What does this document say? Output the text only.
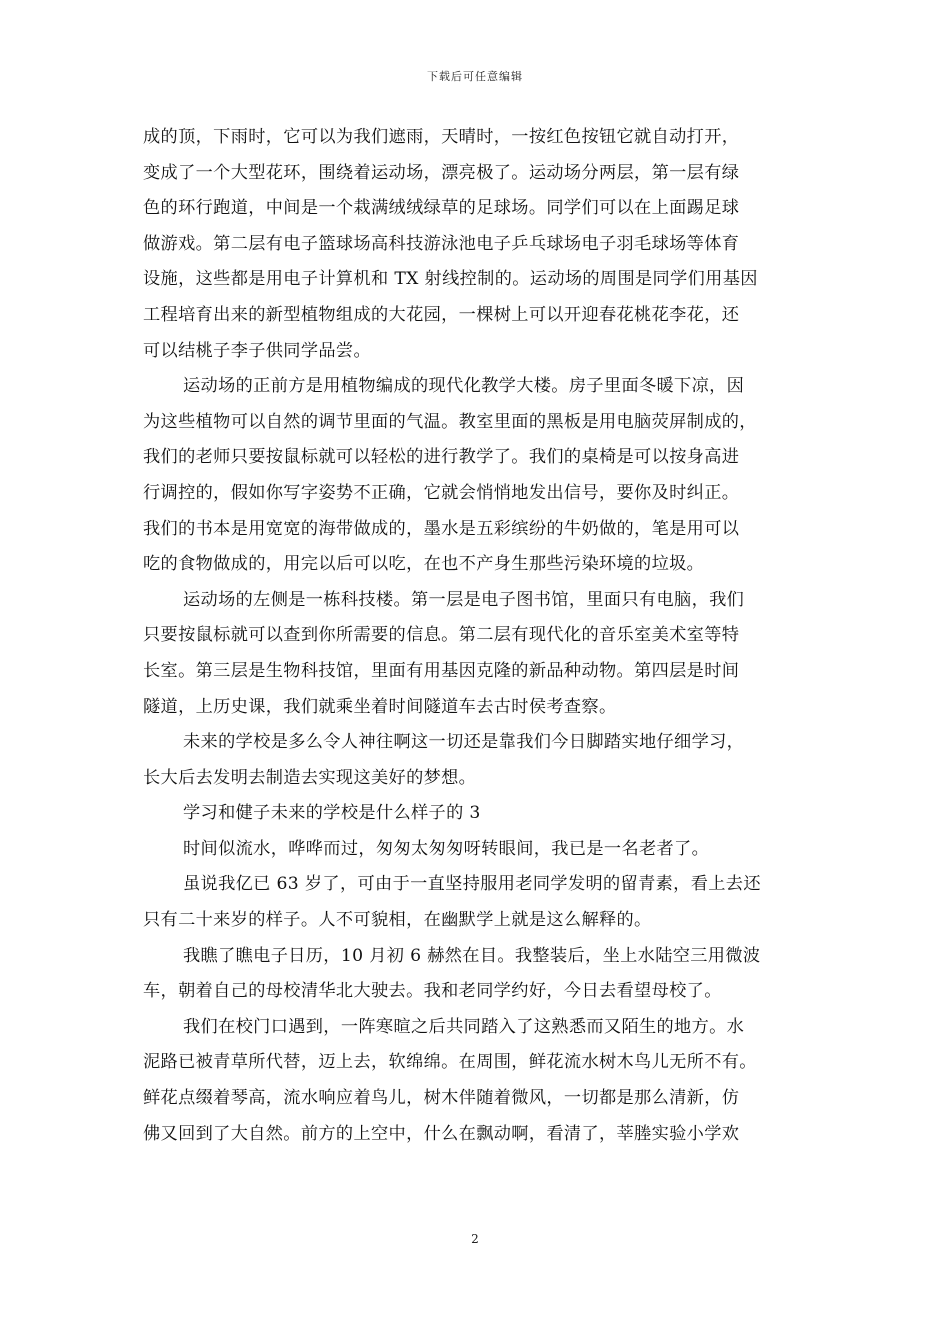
下载后可任意编辑
成的顶，下雨时，它可以为我们遮雨，天晴时，一按红色按钮它就自动打开，
变成了一个大型花环，围绕着运动场，漂亮极了。运动场分两层，第一层有绿
色的环行跑道，中间是一个栽满绒绒绿草的足球场。同学们可以在上面踢足球
做游戏。第二层有电子篮球场高科技游泳池电子乒乓球场电子羽毛球场等体育
设施，这些都是用电子计算机和 TX 射线控制的。运动场的周围是同学们用基因
工程培育出来的新型植物组成的大花园，一棵树上可以开迎春花桃花李花，还
可以结桃子李子供同学品尝。
运动场的正前方是用植物编成的现代化教学大楼。房子里面冬暖下凉，因
为这些植物可以自然的调节里面的气温。教室里面的黑板是用电脑荧屏制成的，
我们的老师只要按鼠标就可以轻松的进行教学了。我们的桌椅是可以按身高进
行调控的，假如你写字姿势不正确，它就会悄悄地发出信号，要你及时纠正。
我们的书本是用宽宽的海带做成的，墨水是五彩缤纷的牛奶做的，笔是用可以
吃的食物做成的，用完以后可以吃，在也不产身生那些污染环境的垃圾。
运动场的左侧是一栋科技楼。第一层是电子图书馆，里面只有电脑，我们
只要按鼠标就可以查到你所需要的信息。第二层有现代化的音乐室美术室等特
长室。第三层是生物科技馆，里面有用基因克隆的新品种动物。第四层是时间
隧道，上历史课，我们就乘坐着时间隧道车去古时侯考查察。
未来的学校是多么令人神往啊这一切还是靠我们今日脚踏实地仔细学习，
长大后去发明去制造去实现这美好的梦想。
学习和健子未来的学校是什么样子的 3
时间似流水，哗哗而过，匆匆太匆匆呀转眼间，我已是一名老者了。
虽说我亿已 63 岁了，可由于一直坚持服用老同学发明的留青素，看上去还
只有二十来岁的样子。人不可貌相，在幽默学上就是这么解释的。
我瞧了瞧电子日历，10 月初 6 赫然在目。我整装后，坐上水陆空三用微波
车，朝着自己的母校清华北大驶去。我和老同学约好，今日去看望母校了。
我们在校门口遇到，一阵寒暄之后共同踏入了这熟悉而又陌生的地方。水
泥路已被青草所代替，迈上去，软绵绵。在周围，鲜花流水树木鸟儿无所不有。
鲜花点缀着琴高，流水响应着鸟儿，树木伴随着微风，一切都是那么清新，仿
佛又回到了大自然。前方的上空中，什么在飘动啊，看清了，莘塍实验小学欢
2
